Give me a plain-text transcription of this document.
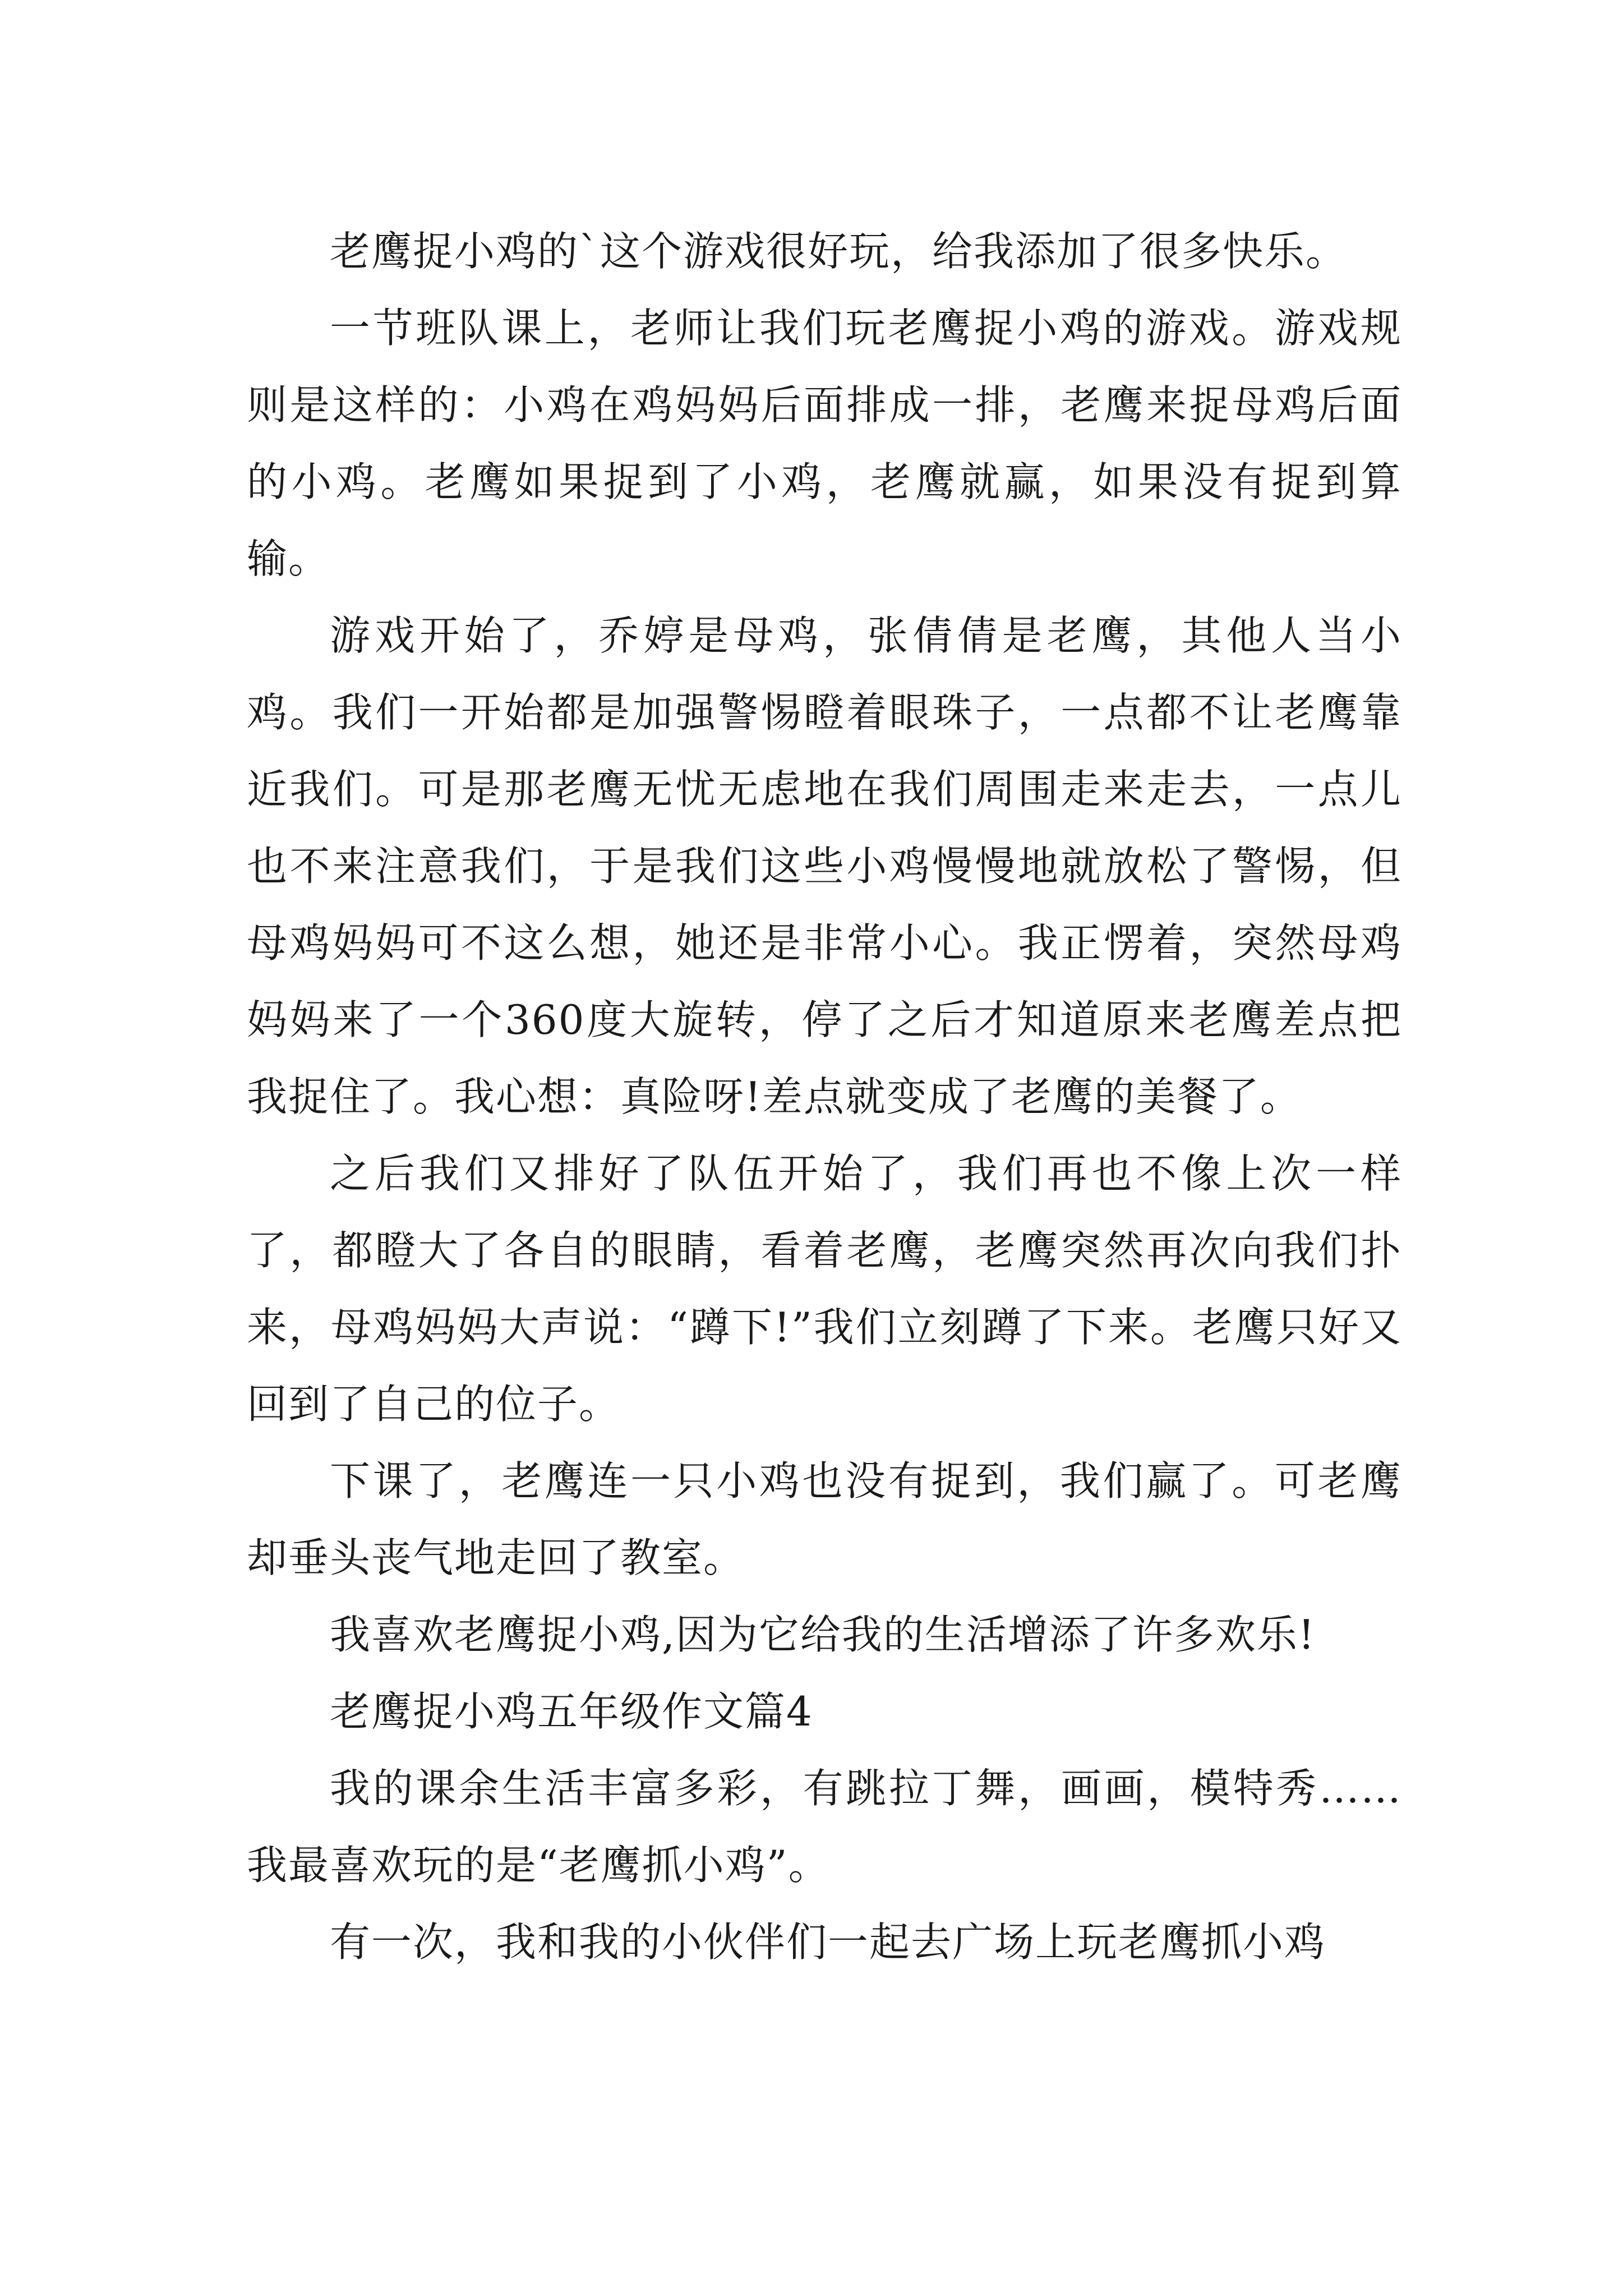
老鹰捉小鸡的`这个游戏很好玩，给我添加了很多快乐。

一节班队课上，老师让我们玩老鹰捉小鸡的游戏。游戏规则是这样的：小鸡在鸡妈妈后面排成一排，老鹰来捉母鸡后面的小鸡。老鹰如果捉到了小鸡，老鹰就赢，如果没有捉到算输。

游戏开始了，乔婷是母鸡，张倩倩是老鹰，其他人当小鸡。我们一开始都是加强警惕瞪着眼珠子，一点都不让老鹰靠近我们。可是那老鹰无忧无虑地在我们周围走来走去，一点儿也不来注意我们，于是我们这些小鸡慢慢地就放松了警惕，但母鸡妈妈可不这么想，她还是非常小心。我正愣着，突然母鸡妈妈来了一个360度大旋转，停了之后才知道原来老鹰差点把我捉住了。我心想：真险呀!差点就变成了老鹰的美餐了。

之后我们又排好了队伍开始了，我们再也不像上次一样了，都瞪大了各自的眼睛，看着老鹰，老鹰突然再次向我们扑来，母鸡妈妈大声说：“蹲下!”我们立刻蹲了下来。老鹰只好又回到了自己的位子。

下课了，老鹰连一只小鸡也没有捉到，我们赢了。可老鹰却垂头丧气地走回了教室。

我喜欢老鹰捉小鸡,因为它给我的生活增添了许多欢乐!

老鹰捉小鸡五年级作文篇4

我的课余生活丰富多彩，有跳拉丁舞，画画，模特秀……我最喜欢玩的是“老鹰抓小鸡”。

有一次，我和我的小伙伴们一起去广场上玩老鹰抓小鸡
